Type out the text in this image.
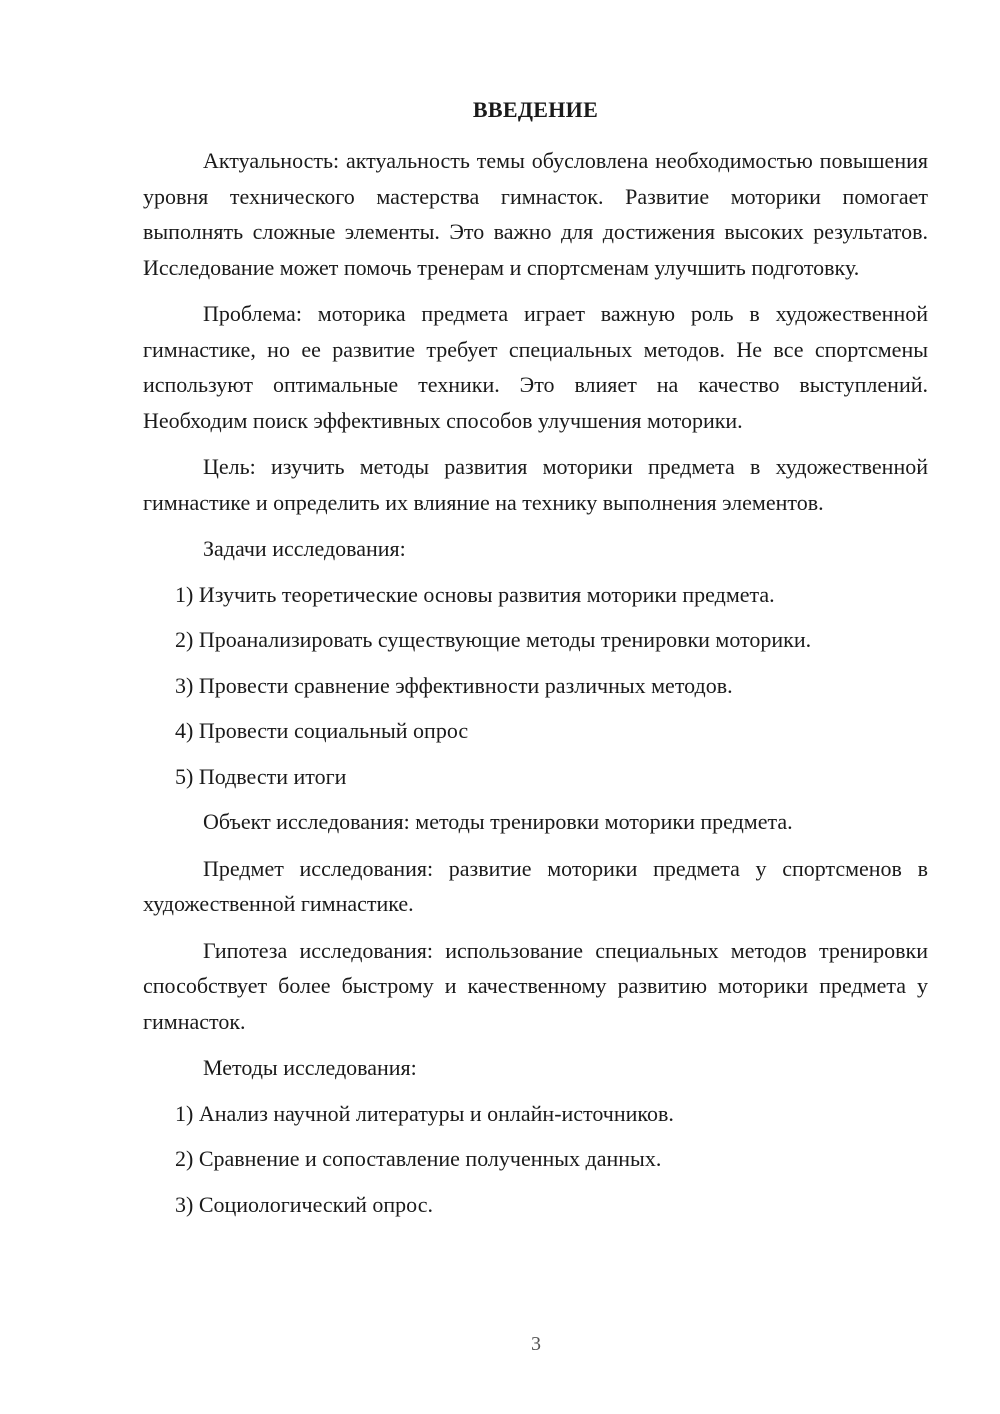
ВВЕДЕНИЕ

Актуальность: актуальность темы обусловлена необходимостью повышения уровня технического мастерства гимнасток. Развитие моторики помогает выполнять сложные элементы. Это важно для достижения высоких результатов. Исследование может помочь тренерам и спортсменам улучшить подготовку.

Проблема: моторика предмета играет важную роль в художественной гимнастике, но ее развитие требует специальных методов. Не все спортсмены используют оптимальные техники. Это влияет на качество выступлений. Необходим поиск эффективных способов улучшения моторики.

Цель: изучить методы развития моторики предмета в художественной гимнастике и определить их влияние на технику выполнения элементов.

Задачи исследования:
1) Изучить теоретические основы развития моторики предмета.
2) Проанализировать существующие методы тренировки моторики.
3) Провести сравнение эффективности различных методов.
4) Провести социальный опрос
5) Подвести итоги

Объект исследования: методы тренировки моторики предмета.

Предмет исследования: развитие моторики предмета у спортсменов в художественной гимнастике.

Гипотеза исследования: использование специальных методов тренировки способствует более быстрому и качественному развитию моторики предмета у гимнасток.

Методы исследования:
1) Анализ научной литературы и онлайн-источников.
2) Сравнение и сопоставление полученных данных.
3) Социологический опрос.
3
